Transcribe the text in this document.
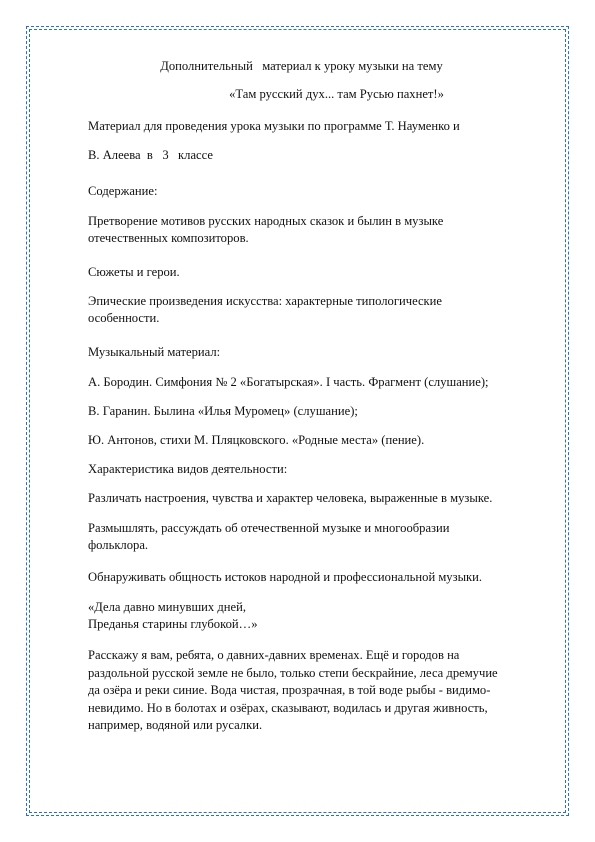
Дополнительный   материал к уроку музыки на тему

«Там русский дух... там Русью пахнет!»

Материал для проведения урока музыки по программе Т. Науменко и

В. Алеева  в   3   классе

Содержание:

Претворение мотивов русских народных сказок и былин в музыке

отечественных композиторов.

Сюжеты и герои.

Эпические произведения искусства: характерные типологические

особенности.

Музыкальный материал:

А. Бородин. Симфония № 2 «Богатырская». I часть. Фрагмент (слушание);

В. Гаранин. Былина «Илья Муромец» (слушание);

Ю. Антонов, стихи М. Пляцковского. «Родные места» (пение).

Характеристика видов деятельности:

Различать настроения, чувства и характер человека, выраженные в музыке.

Размышлять, рассуждать об отечественной музыке и многообразии

фольклора.

Обнаруживать общность истоков народной и профессиональной музыки.

«Дела давно минувших дней,

Преданья старины глубокой…»

Расскажу я вам, ребята, о давних-давних временах. Ещё и городов на

раздольной русской земле не было, только степи бескрайние, леса дремучие

да озёра и реки синие. Вода чистая, прозрачная, в той воде рыбы - видимо-

невидимо. Но в болотах и озёрах, сказывают, водилась и другая живность,

например, водяной или русалки.
